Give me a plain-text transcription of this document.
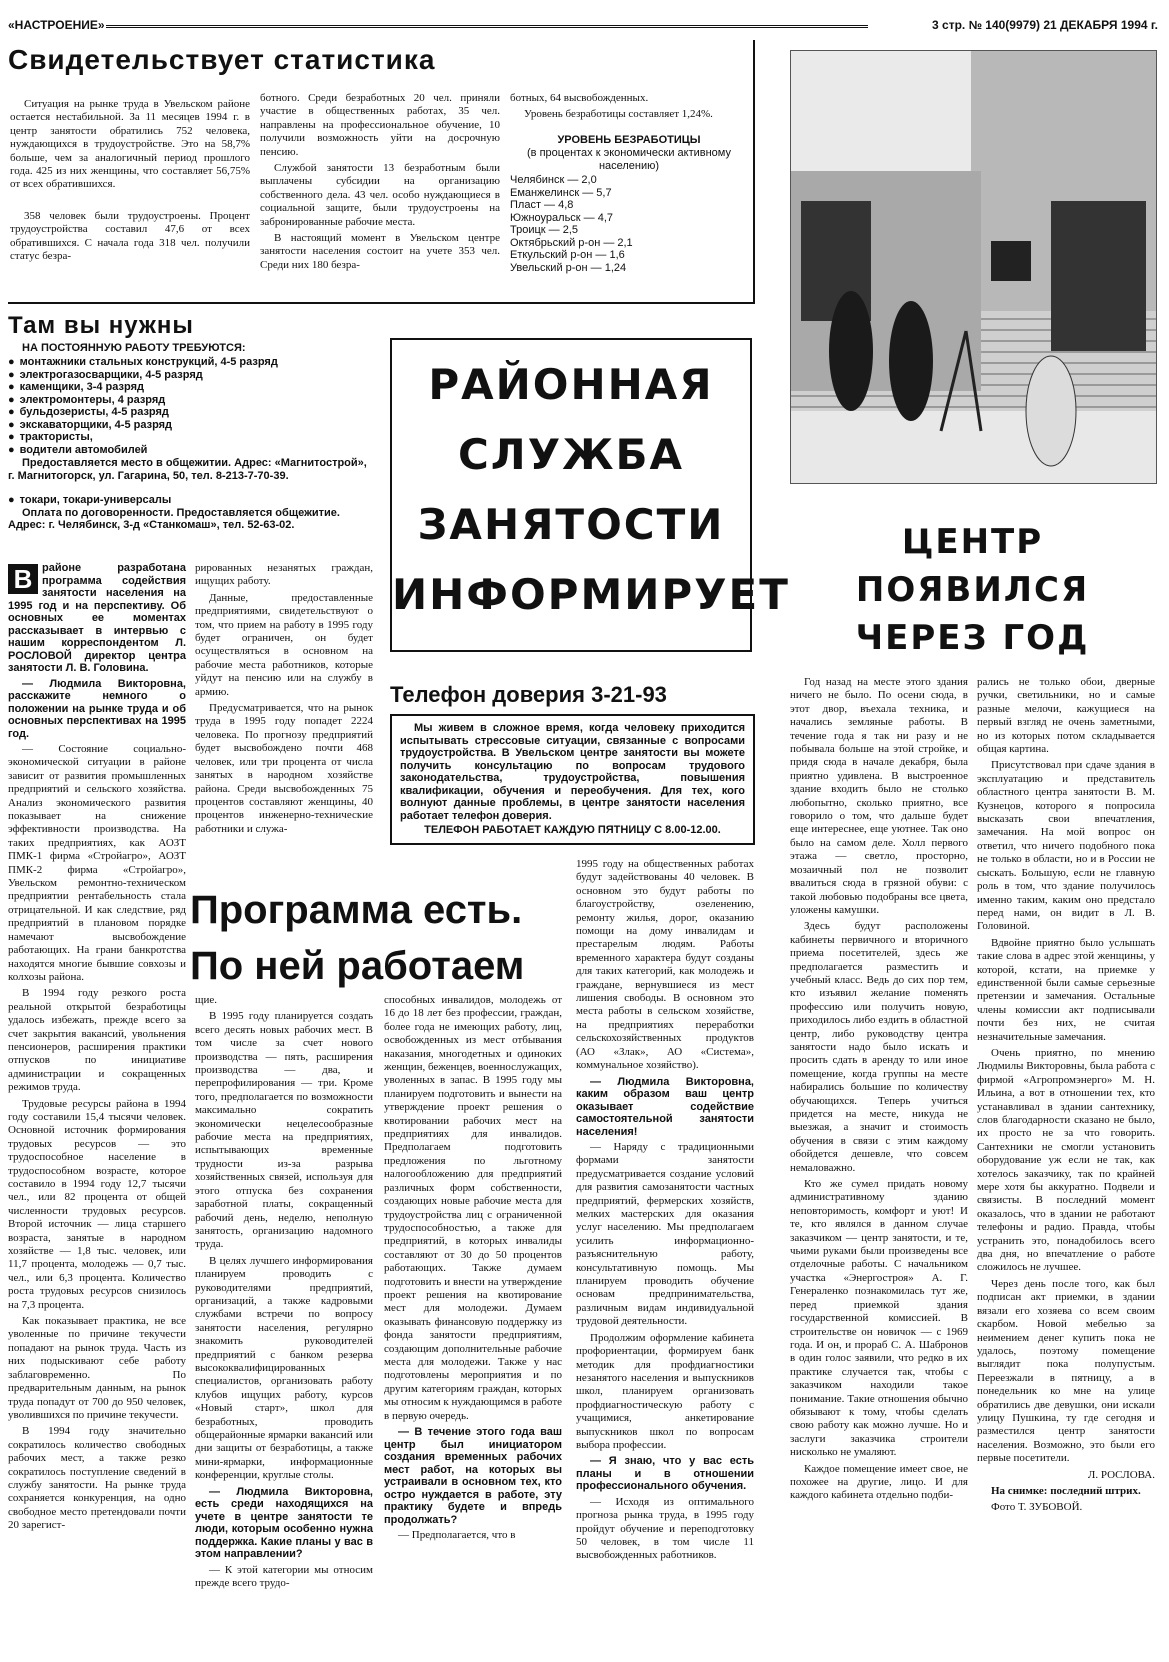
«НАСТРОЕНИЕ»	3 стр. № 140(9979) 21 ДЕКАБРЯ 1994 г.
Свидетельствует статистика

Ситуация на рынке труда в Увельском районе остается нестабильной. За 11 месяцев 1994 г. в центр занятости обратились 752 человека, нуждающихся в трудоустройстве. Это на 58,7% больше, чем за аналогичный период прошлого года. 425 из них женщины, что составляет 56,75% от всех обратившихся.

358 человек были трудоустроены. Процент трудоустройства составил 47,6 от всех обратившихся. С начала года 318 чел. получили статус безра-

ботного. Среди безработных 20 чел. приняли участие в общественных работах, 35 чел. направлены на профессиональное обучение, 10 получили возможность уйти на досрочную пенсию.

Службой занятости 13 безработным были выплачены субсидии на организацию собственного дела. 43 чел. особо нуждающиеся в социальной защите, были трудоустроены на забронированные рабочие места.

В настоящий момент в Увельском центре занятости населения состоит на учете 353 чел. Среди них 180 безра-

ботных, 64 высвобожденных.

Уровень безработицы составляет 1,24%.

УРОВЕНЬ БЕЗРАБОТИЦЫ
(в процентах к экономически активному населению)
Челябинск — 2,0
Еманжелинск — 5,7
Пласт — 4,8
Южноуральск — 4,7
Троицк — 2,5
Октябрьский р-он — 2,1
Еткульский р-он — 1,6
Увельский р-он — 1,24
ЦЕНТР
ПОЯВИЛСЯ
ЧЕРЕЗ ГОД
Там вы нужны
НА ПОСТОЯННУЮ РАБОТУ ТРЕБУЮТСЯ:
● монтажники стальных конструкций, 4-5 разряд
● электрогазосварщики, 4-5 разряд
● каменщики, 3-4 разряд
● электромонтеры, 4 разряд
● бульдозеристы, 4-5 разряд
● экскаваторщики, 4-5 разряд
● трактористы,
● водители автомобилей
Предоставляется место в общежитии. Адрес: «Магнитострой», г. Магнитогорск, ул. Гагарина, 50, тел. 8-213-7-70-39.
● токари, токари-универсалы
Оплата по договоренности. Предоставляется общежитие. Адрес: г. Челябинск, 3-д «Станкомаш», тел. 52-63-02.
РАЙОННАЯ
СЛУЖБА
ЗАНЯТОСТИ
ИНФОРМИРУЕТ
Телефон доверия 3-21-93
Мы живем в сложное время, когда человеку приходится испытывать стрессовые ситуации, связанные с вопросами трудоустройства. В Увельском центре занятости вы можете получить консультацию по вопросам трудового законодательства, трудоустройства, повышения квалификации, обучения и переобучения. Для тех, кого волнуют данные проблемы, в центре занятости населения работает телефон доверия.
ТЕЛЕФОН РАБОТАЕТ КАЖДУЮ ПЯТНИЦУ С 8.00-12.00.

В районе разработана программа содействия занятости населения на 1995 год и на перспективу. Об основных ее моментах рассказывает в интервью с нашим корреспондентом Л. РОСЛОВОЙ директор центра занятости Л. В. Головина.

— Людмила Викторовна, расскажите немного о положении на рынке труда и об основных перспективах на 1995 год.

— Состояние социально-экономической ситуации в районе зависит от развития промышленных предприятий и сельского хозяйства. Анализ экономического развития показывает на снижение эффективности производства. На таких предприятиях, как АОЗТ ПМК-1 фирма «Стройагро», АОЗТ ПМК-2 фирма «Стройагро», Увельском ремонтно-техническом предприятии рентабельность стала отрицательной. И как следствие, ряд предприятий в плановом порядке намечают высвобождение работающих. На грани банкротства находятся многие бывшие совхозы и колхозы района.

В 1994 году резкого роста реальной открытой безработицы удалось избежать, прежде всего за счет закрытия вакансий, увольнения пенсионеров, расширения практики отпусков по инициативе администрации и сокращенных режимов труда.

Трудовые ресурсы района в 1994 году составили 15,4 тысячи человек. Основной источник формирования трудовых ресурсов — это трудоспособное население в трудоспособном возрасте, которое составило в 1994 году 12,7 тысячи чел., или 82 процента от общей численности трудовых ресурсов. Второй источник — лица старшего возраста, занятые в народном хозяйстве — 1,8 тыс. человек, или 11,7 процента, молодежь — 0,7 тыс. чел., или 6,3 процента. Количество роста трудовых ресурсов снизилось на 7,3 процента.

Как показывает практика, не все уволенные по причине текучести попадают на рынок труда. Часть из них подыскивают себе работу заблаговременно. По предварительным данным, на рынок труда попадут от 700 до 950 человек, уволившихся по причине текучести.

В 1994 году значительно сократилось количество свободных рабочих мест, а также резко сократилось поступление сведений в службу занятости. На рынке труда сохраняется конкуренция, на одно свободное место претендовали почти 20 зарегист-

рированных незанятых граждан, ищущих работу.

Данные, предоставленные предприятиями, свидетельствуют о том, что прием на работу в 1995 году будет ограничен, он будет осуществляться в основном на рабочие места работников, которые уйдут на пенсию или на службу в армию.

Предусматривается, что на рынок труда в 1995 году попадет 2224 человека. По прогнозу предприятий будет высвобождено почти 468 человек, или три процента от числа занятых в народном хозяйстве района. Среди высвобожденных 75 процентов составляют женщины, 40 процентов инженерно-технические работники и служа-

Программа есть.
По ней работаем

щие.

В 1995 году планируется создать всего десять новых рабочих мест. В том числе за счет нового производства — пять, расширения производства — два, и перепрофилирования — три. Кроме того, предполагается по возможности максимально сократить экономически нецелесообразные рабочие места на предприятиях, испытывающих временные трудности из-за разрыва хозяйственных связей, используя для этого отпуска без сохранения заработной платы, сокращенный рабочий день, неделю, неполную занятость, организацию надомного труда.

В целях лучшего информирования планируем проводить с руководителями предприятий, организаций, а также кадровыми службами встречи по вопросу занятости населения, регулярно знакомить руководителей предприятий с банком резерва высококвалифицированных специалистов, организовать работу клубов ищущих работу, курсов «Новый старт», школ для безработных, проводить общерайонные ярмарки вакансий или дни защиты от безработицы, а также мини-ярмарки, информационные конференции, круглые столы.

— Людмила Викторовна, есть среди находящихся на учете в центре занятости те люди, которым особенно нужна поддержка. Какие планы у вас в этом направлении?

— К этой категории мы относим прежде всего трудо-

способных инвалидов, молодежь от 16 до 18 лет без профессии, граждан, более года не имеющих работу, лиц, освобожденных из мест отбывания наказания, многодетных и одиноких женщин, беженцев, военнослужащих, уволенных в запас. В 1995 году мы планируем подготовить и вынести на утверждение проект решения о квотировании рабочих мест на предприятиях для инвалидов. Предполагаем подготовить предложения по льготному налогообложению для предприятий различных форм собственности, создающих новые рабочие места для трудоустройства лиц с ограниченной трудоспособностью, а также для предприятий, в которых инвалиды составляют от 30 до 50 процентов работающих. Также думаем подготовить и внести на утверждение проект решения на квотирование мест для молодежи. Думаем оказывать финансовую поддержку из фонда занятости предприятиям, создающим дополнительные рабочие места для молодежи. Также у нас подготовлены мероприятия и по другим категориям граждан, которых мы относим к нуждающимся в работе в первую очередь.

— В течение этого года ваш центр был инициатором создания временных рабочих мест работ, на которых вы устраивали в основном тех, кто остро нуждается в работе, эту практику будете и впредь продолжать?

— Предполагается, что в

1995 году на общественных работах будут задействованы 40 человек. В основном это будут работы по благоустройству, озеленению, ремонту жилья, дорог, оказанию помощи на дому инвалидам и престарелым людям. Работы временного характера будут созданы для таких категорий, как молодежь и граждане, вернувшиеся из мест лишения свободы. В основном это места работы в сельском хозяйстве, на предприятиях переработки сельскохозяйственных продуктов (АО «Злак», АО «Система», коммунальное хозяйство).

— Людмила Викторовна, каким образом ваш центр оказывает содействие самостоятельной занятости населения!

— Наряду с традиционными формами занятости предусматривается создание условий для развития самозанятости частных предприятий, фермерских хозяйств, мелких мастерских для оказания услуг населению. Мы предполагаем усилить информационно-разъяснительную работу, консультативную помощь. Мы планируем проводить обучение основам предпринимательства, различным видам индивидуальной трудовой деятельности.

Продолжим оформление кабинета профориентации, формируем банк методик для профдиагностики незанятого населения и выпускников школ, планируем организовать профдиагностическую работу с учащимися, анкетирование выпускников школ по вопросам выбора профессии.

— Я знаю, что у вас есть планы и в отношении профессионального обучения.

— Исходя из оптимального прогноза рынка труда, в 1995 году пройдут обучение и переподготовку 50 человек, в том числе 11 высвобожденных работников.

Год назад на месте этого здания ничего не было. По осени сюда, в этот двор, въехала техника, и начались земляные работы. В течение года я так ни разу и не побывала больше на этой стройке, и придя сюда в начале декабря, была приятно удивлена. В выстроенное здание входить было не столько любопытно, сколько приятно, все говорило о том, что дальше будет еще интереснее, еще уютнее. Так оно было на самом деле. Холл первого этажа — светло, просторно, мозаичный пол не позволит ввалиться сюда в грязной обуви: с такой любовью подобраны все цвета, уложены камушки.

Здесь будут расположены кабинеты первичного и вторичного приема посетителей, здесь же предполагается разместить и учебный класс. Ведь до сих пор тем, кто изъявил желание поменять профессию или получить новую, приходилось либо ездить в областной центр, либо руководству центра занятости надо было искать и просить сдать в аренду то или иное помещение, когда группы на месте набирались большие по количеству обучающихся. Теперь учиться придется на месте, никуда не выезжая, а значит и стоимость обучения в связи с этим каждому обойдется дешевле, что совсем немаловажно.

Кто же сумел придать новому административному зданию неповторимость, комфорт и уют! И те, кто являлся в данном случае заказчиком — центр занятости, и те, чьими руками были произведены все отделочные работы. С начальником участка «Энергостроя» А. Г. Генераленко познакомилась тут же, перед приемкой здания государственной комиссией. В строительстве он новичок — с 1969 года. И он, и прораб С. А. Шабронов в один голос заявили, что редко в их практике случается так, чтобы с заказчиком находили такое понимание. Такие отношения обычно обязывают к тому, чтобы сделать свою работу как можно лучше. Но и заслуги заказчика строители нисколько не умаляют.

Каждое помещение имеет свое, не похожее на другие, лицо. И для каждого кабинета отдельно подби-

рались не только обои, дверные ручки, светильники, но и самые разные мелочи, кажущиеся на первый взгляд не очень заметными, но из которых потом складывается общая картина.

Присутствовал при сдаче здания в эксплуатацию и представитель областного центра занятости В. М. Кузнецов, которого я попросила высказать свои впечатления, замечания. На мой вопрос он ответил, что ничего подобного пока не только в области, но и в России не сыскать. Большую, если не главную роль в том, что здание получилось именно таким, каким оно предстало перед нами, он видит в Л. В. Головиной.

Вдвойне приятно было услышать такие слова в адрес этой женщины, у которой, кстати, на приемке у единственной были самые серьезные претензии и замечания. Остальные члены комиссии акт подписывали почти без них, не считая незначительные замечания.

Очень приятно, по мнению Людмилы Викторовны, была работа с фирмой «Агропромэнерго» М. Н. Ильина, а вот в отношении тех, кто устанавливал в здании сантехнику, слов благодарности сказано не было, их просто не за что говорить. Сантехники не смогли установить оборудование уж если не так, как хотелось заказчику, так по крайней мере хотя бы аккуратно. Подвели и связисты. В последний момент оказалось, что в здании не работают телефоны и радио. Правда, чтобы устранить это, понадобилось всего два дня, но впечатление о работе сложилось не лучшее.

Через день после того, как был подписан акт приемки, в здании вязали его хозяева со всем своим скарбом. Новой мебелью за неимением денег купить пока не удалось, поэтому помещение выглядит пока полупустым. Переезжали в пятницу, а в понедельник ко мне на улице обратились две девушки, они искали улицу Пушкина, ту где сегодня и разместился центр занятости населения. Возможно, это были его первые посетители.

Л. РОСЛОВА.

На снимке: последний штрих.

Фото Т. ЗУБОВОЙ.
